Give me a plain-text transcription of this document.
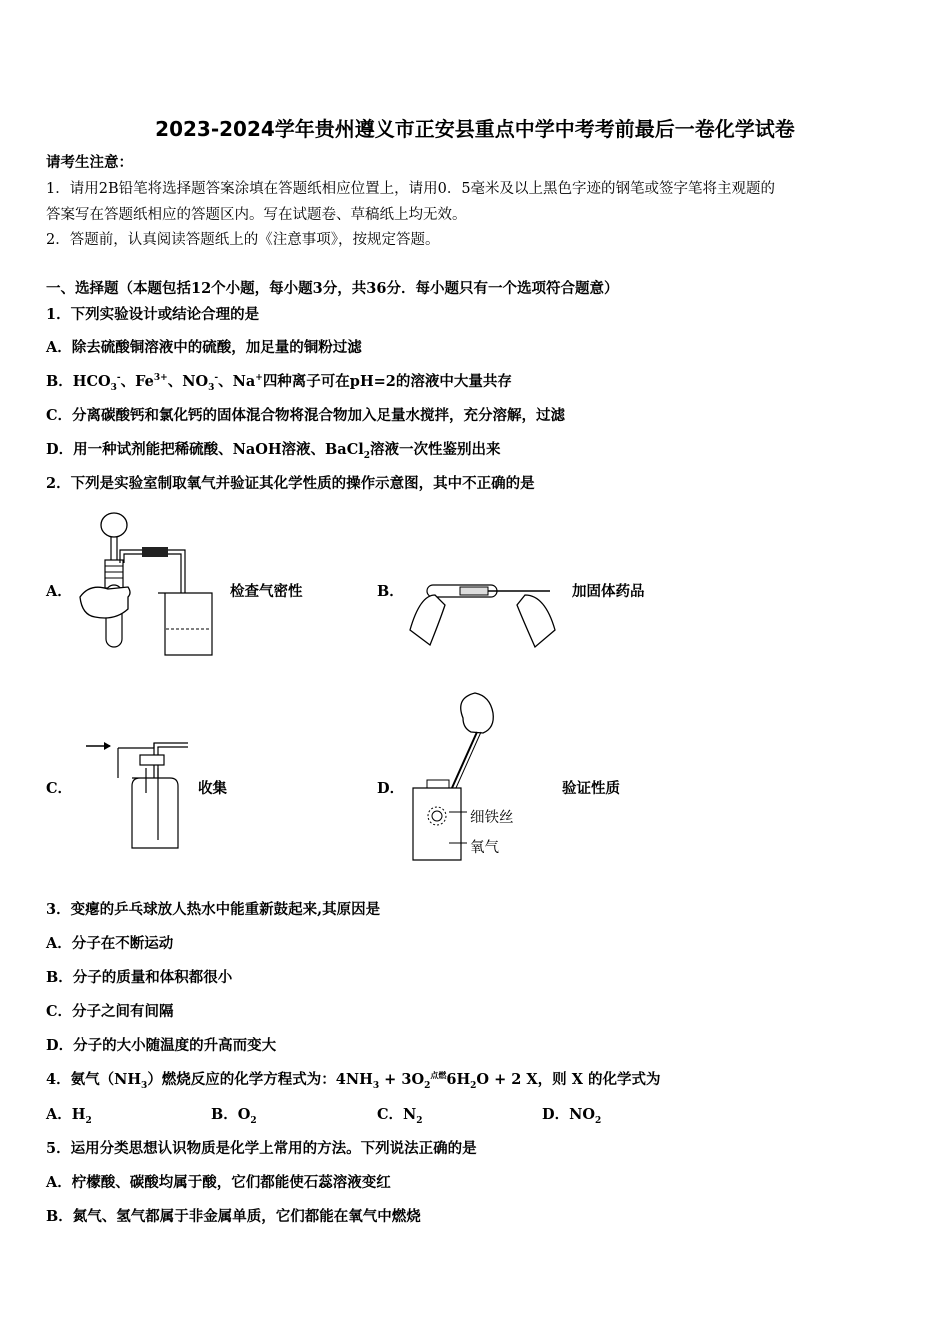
2023-2024学年贵州遵义市正安县重点中学中考考前最后一卷化学试卷
请考生注意：
1．请用2B铅笔将选择题答案涂填在答题纸相应位置上，请用0．5毫米及以上黑色字迹的钢笔或签字笔将主观题的
答案写在答题纸相应的答题区内。写在试题卷、草稿纸上均无效。
2．答题前，认真阅读答题纸上的《注意事项》，按规定答题。
一、选择题（本题包括12个小题，每小题3分，共36分．每小题只有一个选项符合题意）
1．下列实验设计或结论合理的是
A．除去硫酸铜溶液中的硫酸，加足量的铜粉过滤
B．$HCO_3^-$、$Fe^{3+}$、$NO_3^-$、Na+四种离子可在pH=2的溶液中大量共存
C．分离碳酸钙和氯化钙的固体混合物将混合物加入足量水搅拌，充分溶解，过滤
D．用一种试剂能把稀硫酸、NaOH溶液、BaCl$_2$溶液一次性鉴别出来
2．下列是实验室制取氧气并验证其化学性质的操作示意图，其中不正确的是
A．	检查气密性	B．	加固体药品
C．	收集	D．
细铁丝
氧气
验证性质
3．变瘪的乒乓球放人热水中能重新鼓起来,其原因是
A．分子在不断运动
B．分子的质量和体积都很小
C．分子之间有间隔
D．分子的大小随温度的升高而变大
4．氨气$(NH_3)$燃烧反应的化学方程式为：$4NH_3 + 3O_2^{点燃}6H_2O + 2$ X，则 X 的化学式为
A．$H_2$	B．$O_2$	C．$N_2$	D．$NO_2$
5．运用分类思想认识物质是化学上常用的方法。下列说法正确的是
A．柠檬酸、碳酸均属于酸，它们都能使石蕊溶液变红
B．氮气、氢气都属于非金属单质，它们都能在氧气中燃烧
